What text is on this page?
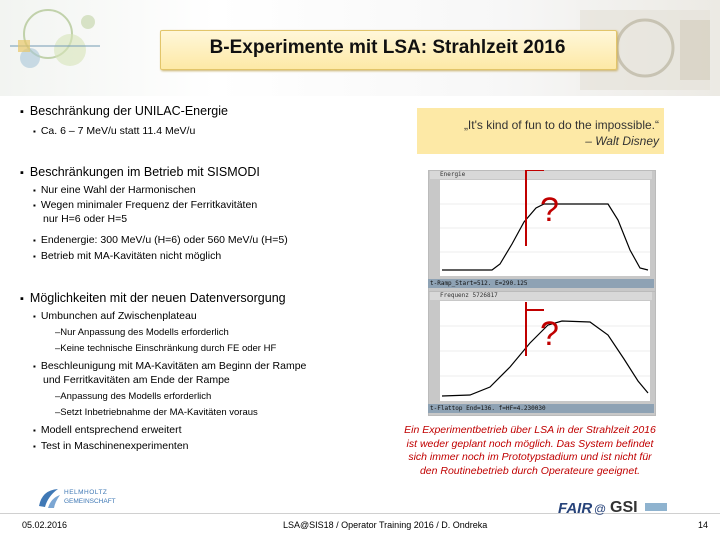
B-Experimente mit LSA: Strahlzeit 2016
▪ Beschränkung der UNILAC-Energie
▪ Ca. 6 – 7 MeV/u statt 11.4 MeV/u
▪ Beschränkungen im Betrieb mit SISMODI
▪ Nur eine Wahl der Harmonischen
▪ Wegen minimaler Frequenz der Ferritkavitäten
nur H=6 oder H=5
▪ Endenergie: 300 MeV/u (H=6) oder 560 MeV/u (H=5)
▪ Betrieb mit MA-Kavitäten nicht möglich
▪ Möglichkeiten mit der neuen Datenversorgung
▪ Umbunchen auf Zwischenplateau
– Nur Anpassung des Modells erforderlich
– Keine technische Einschränkung durch FE oder HF
▪ Beschleunigung mit MA-Kavitäten am Beginn der Rampe
und Ferritkavitäten am Ende der Rampe
– Anpassung des Modells erforderlich
– Setzt Inbetriebnahme der MA-Kavitäten voraus
▪ Modell entsprechend erweitert
▪ Test in Maschinenexperimenten
„It's kind of fun to do the impossible.“
– Walt Disney
Energie
t-Ramp_Start=512. E=290.125
Frequenz 5726817
t-Flattop End=136. f=HF=4.230030
?
?
Ein Experimentbetrieb über LSA in der Strahlzeit 2016
ist weder geplant noch möglich. Das System befindet
sich immer noch im Prototypstadium und ist nicht für
den Routinebetrieb durch Operateure geeignet.
HELMHOLTZ
GEMEINSCHAFT
05.02.2016	LSA@SIS18 / Operator Training 2016 / D. Ondreka
FAIR @ GSI
14
